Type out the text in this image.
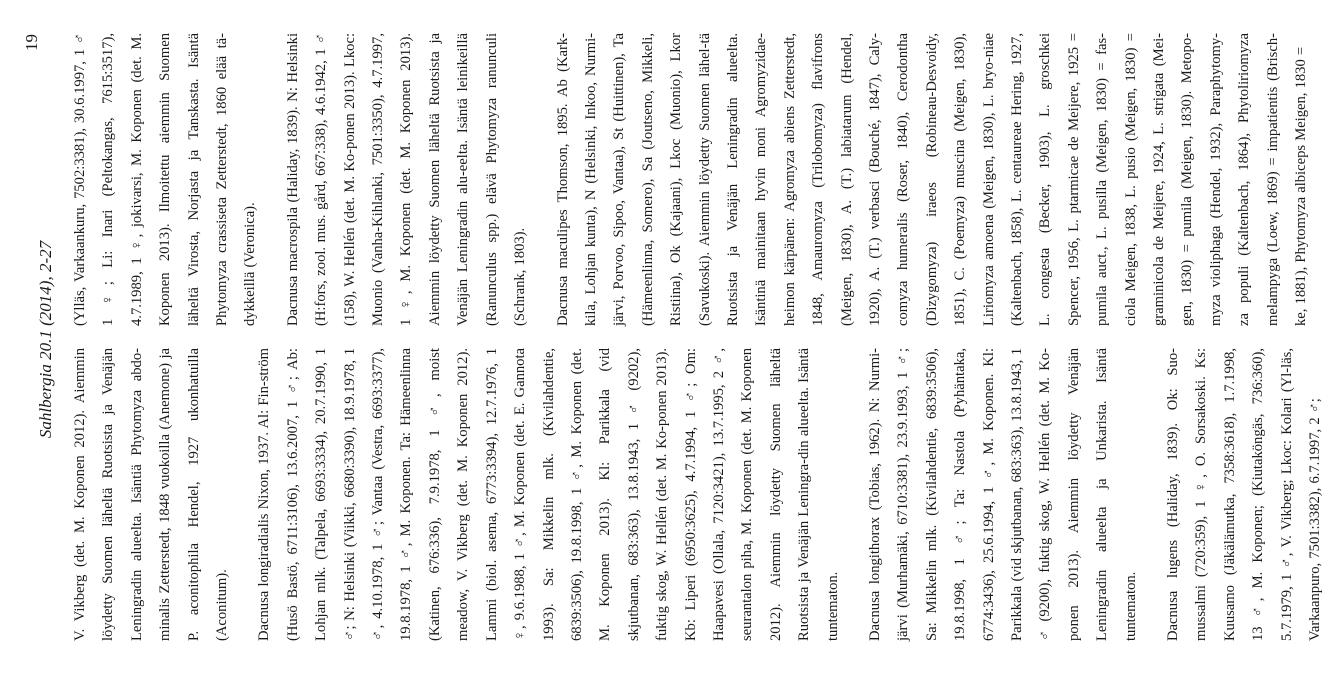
Sahlbergia 20.1 (2014), 2-27
19

V. Vikberg (det. M. Koponen 2012). Aiemmin löydetty Suomen läheltä Ruotsista ja Venäjän Leningradin alueelta. Isäntiä Phytomyza abdo-minalis Zetterstedt, 1848 vuokoilla (Anemone) ja P. aconitophila Hendel, 1927 ukonhatuilla (Aconitum).	Dacnusa longiradialis Nixon, 1937. Al: Fin-ström (Husö Bastö, 6711:3106), 13.6.2007, 1 ♂; Ab: Lohjan mlk. (Talpela, 6693:3334), 20.7.1990, 1 ♂; N: Helsinki (Viikki, 6680:3390), 18.9.1978, 1 ♂, 4.10.1978, 1 ♂; Vantaa (Vestra, 6693:3377), 19.8.1978, 1 ♂, M. Koponen. Ta: Hämeenlinna (Katinen, 676:336), 7.9.1978, 1 ♂, moist meadow, V. Vikberg (det. M. Koponen 2012). Lammi (biol. asema, 6773:3394), 12.7.1976, 1 ♀, 9.6.1988, 1 ♂, M. Koponen (det. E. Gannota 1993). Sa: Mikkelin mlk. (Kivilahdentie, 6839:3506), 19.8.1998, 1 ♂, M. Koponen (det. M. Koponen 2013). Kl: Parikkala (vid skjutbanan, 683:363), 13.8.1943, 1 ♂ (9202), fuktig skog, W. Hellén (det. M. Ko-ponen 2013). Kb: Liperi (6950:3625), 4.7.1994, 1 ♂; Om: Haapavesi (Ollala, 7120:3421), 13.7.1995, 2 ♂, seurantalon piha, M. Koponen (det. M. Koponen 2012). Aiemmin löydetty Suomen läheltä Ruotsista ja Venäjän Leningra-din alueelta. Isäntä tuntematon.	Dacnusa longithorax (Tobias, 1962). N: Nurmi-järvi (Murhamäki, 6710:3381), 23.9.1993, 1 ♂; Sa: Mikkelin mlk. (Kivilahdentie, 6839:3506), 19.8.1998, 1 ♂; Ta: Nastola (Pyhäntaka, 6774:3436), 25.6.1994, 1 ♂, M. Koponen. Kl: Parikkala (vid skjutbanan, 683:363), 13.8.1943, 1 ♂ (9200), fuktig skog, W. Hellén (det. M. Ko-ponen 2013). Aiemmin löydetty Venäjän Leningradin alueelta ja Unkarista. Isäntä tuntematon.	Dacnusa lugens (Haliday, 1839). Ok: Suo-mussalmi (720:359), 1 ♀, O. Sorsakoski. Ks: Kuusamo (Jäkälämutka, 7358:3618), 1.7.1998, 13 ♂, M. Koponen; (Kiutaköngäs, 736:360), 5.7.1979, 1 ♂, V. Vikberg; Lkoc: Kolari (Yl-läs, Varkaanpuro, 7501:3382), 6.7.1997, 2 ♂;

(Ylläs, Varkaankuru, 7502:3381), 30.6.1997, 1 ♂ 1 ♀; Li: Inari (Peltokangas, 7615:3517), 4.7.1989, 1 ♀, jokivarsi, M. Koponen (det. M. Koponen 2013). Ilmoitettu aiemmin Suomen läheltä Virosta, Norjasta ja Tanskasta. Isäntä Phytomyza crassiseta Zetterstedt, 1860 elää tä-dykkeillä (Veronica).	Dacnusa macrospila (Haliday, 1839). N: Helsinki (H:fors, zool. mus. gård, 667:338), 4.6.1942, 1 ♂ (158), W. Hellén (det. M. Ko-ponen 2013). Lkoc: Muonio (Vanha-Kihlanki, 7501:3350), 4.7.1997, 1 ♀, M. Koponen (det. M. Koponen 2013). Aiemmin löydetty Suomen läheltä Ruotsista ja Venäjän Leningradin alu-eelta. Isäntä leinikeillä (Ranunculus spp.) elävä Phytomyza ranunculi (Schrank, 1803).	Dacnusa maculipes Thomson, 1895. Ab (Kark-kila, Lohjan kunta), N (Helsinki, Inkoo, Nurmi-järvi, Porvoo, Sipoo, Vantaa), St (Huittinen), Ta (Hämeenlinna, Somero), Sa (Joutseno, Mikkeli, Ristiina), Ok (Kajaani), Lkoc (Muonio), Lkor (Savukoski). Aiemmin löydetty Suomen lähel-tä Ruotsista ja Venäjän Leningradin alueelta. Isäntinä mainitaan hyvin moni Agromyzidae-heimon kärpänen: Agromyza abiens Zetterstedt, 1848, Amauromyza (Trilobomyza) flavifrons (Meigen, 1830), A. (T.) labiatarum (Hendel, 1920), A. (T.) verbasci (Bouché, 1847), Caly-comyza humeralis (Roser, 1840), Cerodontha (Dizygomyza) iraeos (Robineau-Desvoidy, 1851), C. (Poemyza) muscina (Meigen, 1830), Liriomyza amoena (Meigen, 1830), L. bryo-niae (Kaltenbach, 1858), L. centaureae Hering, 1927, L. congesta (Becker, 1903), L. groschkei Spencer, 1956, L. ptarmicae de Meijere, 1925 = pumila auct., L. pusilla (Meigen, 1830) = fas-ciola Meigen, 1838, L. pusio (Meigen, 1830) = graminicola de Meijere, 1924, L. strigata (Mei-gen, 1830) = pumila (Meigen, 1830). Metopo-myza violiphaga (Hendel, 1932), Paraphytomy-za populi (Kaltenbach, 1864), Phytoliriomyza melampyga (Loew, 1869) = impatientis (Brisch-ke, 1881), Phytomyza albiceps Meigen, 1830 =
